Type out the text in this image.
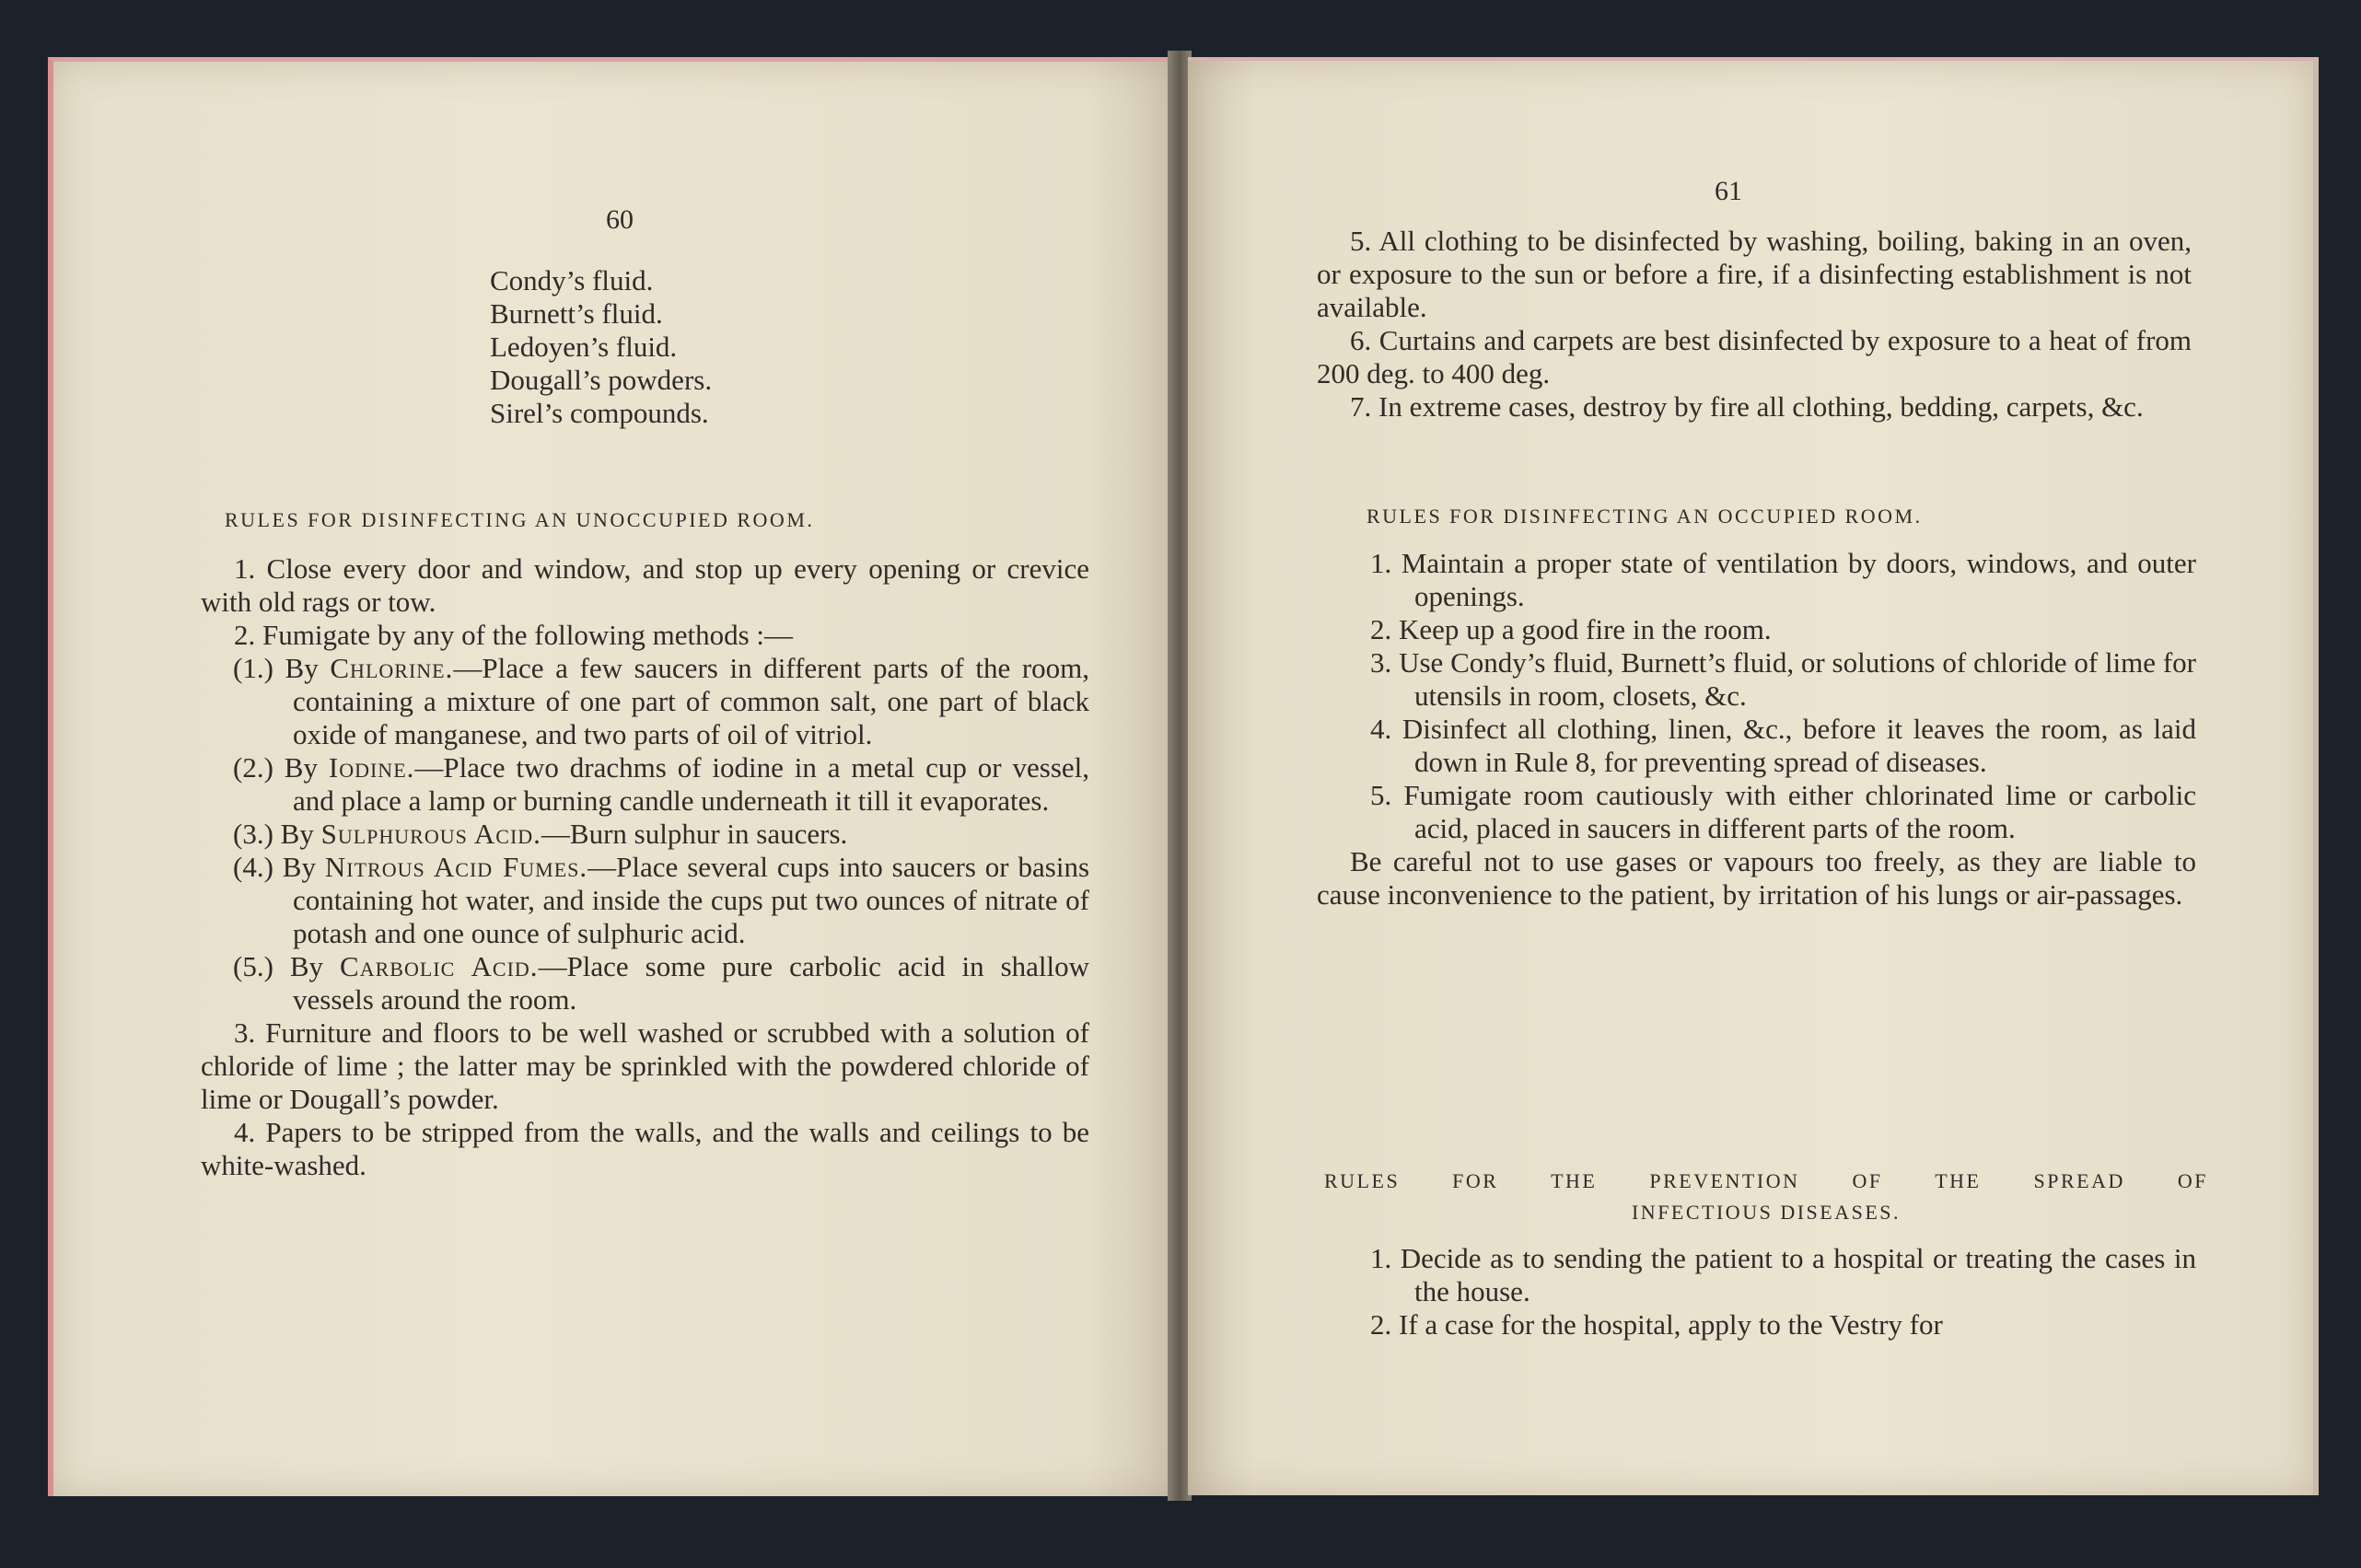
60
Condy’s fluid.
Burnett’s fluid.
Ledoyen’s fluid.
Dougall’s powders.
Sirel’s compounds.
RULES FOR DISINFECTING AN UNOCCUPIED ROOM.

1. Close every door and window, and stop up every opening or crevice with old rags or tow.

2. Fumigate by any of the following methods :—

(1.) By Chlorine.—Place a few saucers in different parts of the room, containing a mixture of one part of common salt, one part of black oxide of manganese, and two parts of oil of vitriol.

(2.) By Iodine.—Place two drachms of iodine in a metal cup or vessel, and place a lamp or burning candle underneath it till it evaporates.

(3.) By Sulphurous Acid.—Burn sulphur in saucers.

(4.) By Nitrous Acid Fumes.—Place several cups into saucers or basins containing hot water, and inside the cups put two ounces of nitrate of potash and one ounce of sulphuric acid.

(5.) By Carbolic Acid.—Place some pure carbolic acid in shallow vessels around the room.

3. Furniture and floors to be well washed or scrubbed with a solution of chloride of lime ; the latter may be sprinkled with the powdered chloride of lime or Dougall’s powder.

4. Papers to be stripped from the walls, and the walls and ceilings to be white-washed.

61

5. All clothing to be disinfected by washing, boiling, baking in an oven, or exposure to the sun or before a fire, if a disinfecting establishment is not available.

6. Curtains and carpets are best disinfected by exposure to a heat of from 200 deg. to 400 deg.

7. In extreme cases, destroy by fire all clothing, bedding, carpets, &c.

RULES FOR DISINFECTING AN OCCUPIED ROOM.

1. Maintain a proper state of ventilation by doors, windows, and outer openings.

2. Keep up a good fire in the room.

3. Use Condy’s fluid, Burnett’s fluid, or solutions of chloride of lime for utensils in room, closets, &c.

4. Disinfect all clothing, linen, &c., before it leaves the room, as laid down in Rule 8, for preventing spread of diseases.

5. Fumigate room cautiously with either chlorinated lime or carbolic acid, placed in saucers in different parts of the room.

Be careful not to use gases or vapours too freely, as they are liable to cause inconvenience to the patient, by irritation of his lungs or air-passages.

RULES FOR THE PREVENTION OF THE SPREAD OF
INFECTIOUS DISEASES.

1. Decide as to sending the patient to a hospital or treating the cases in the house.

2. If a case for the hospital, apply to the Vestry for
